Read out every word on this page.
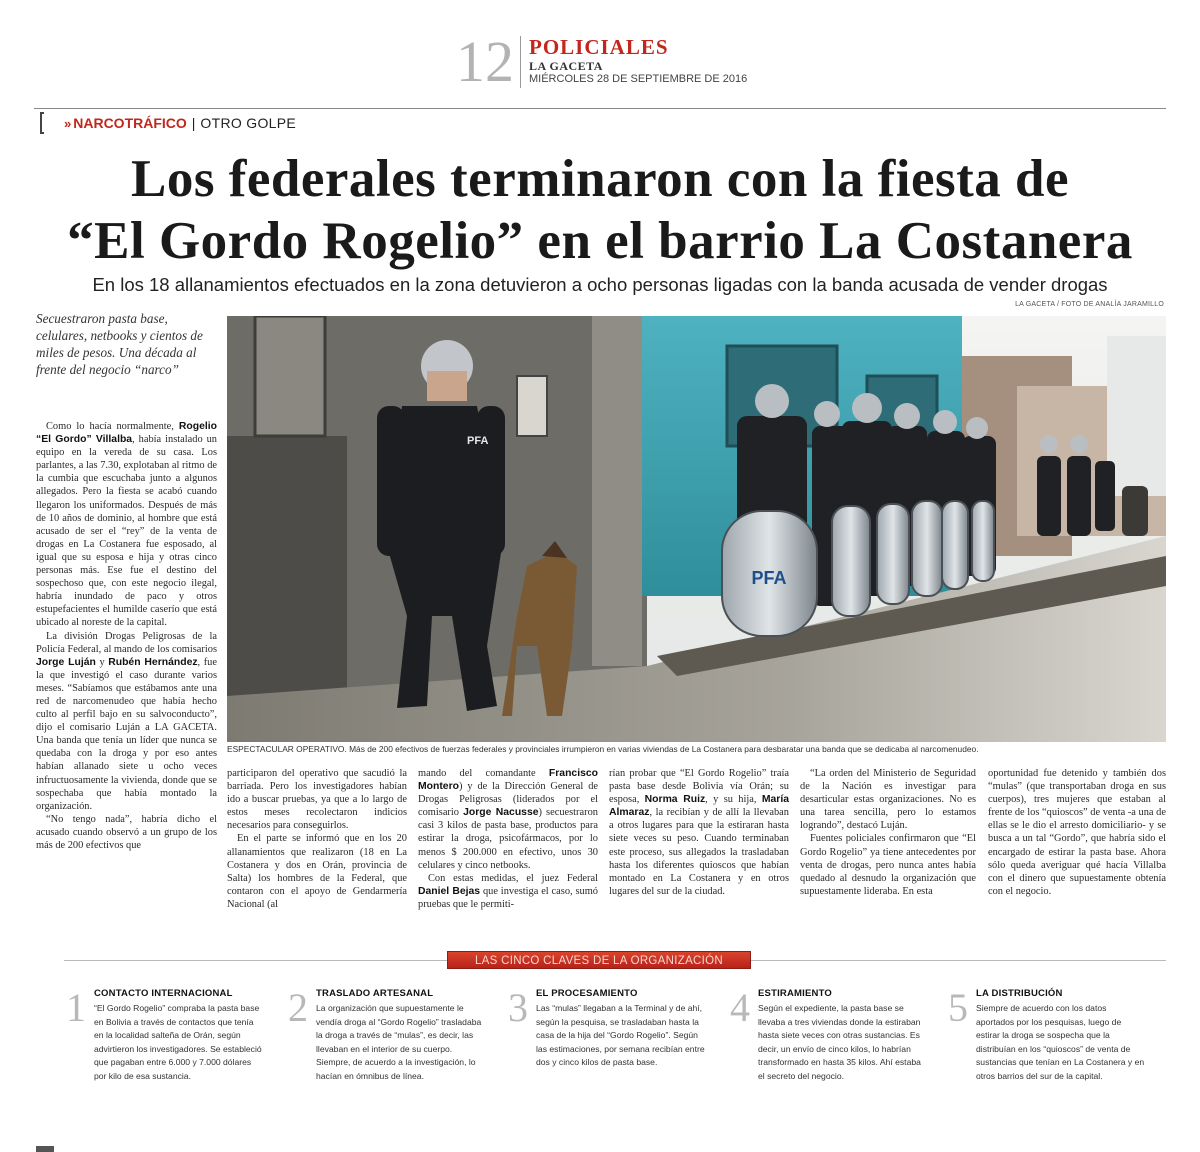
12 POLICIALES
LA GACETA
MIÉRCOLES 28 DE SEPTIEMBRE DE 2016
» NARCOTRÁFICO | OTRO GOLPE
Los federales terminaron con la fiesta de
“El Gordo Rogelio” en el barrio La Costanera
En los 18 allanamientos efectuados en la zona detuvieron a ocho personas ligadas con la banda acusada de vender drogas
LA GACETA / FOTO DE ANALÍA JARAMILLO
Secuestraron pasta base, celulares, netbooks y cientos de miles de pesos. Una década al frente del negocio “narco”
PFA
PFA
ESPECTACULAR OPERATIVO. Más de 200 efectivos de fuerzas federales y provinciales irrumpieron en varias viviendas de La Costanera para desbaratar una banda que se dedicaba al narcomenudeo.

Como lo hacía normalmente, Rogelio “El Gordo” Villalba, había instalado un equipo en la vereda de su casa. Los parlantes, a las 7.30, explotaban al ritmo de la cumbia que escuchaba junto a algunos allegados. Pero la fiesta se acabó cuando llegaron los uniformados. Después de más de 10 años de dominio, al hombre que está acusado de ser el “rey” de la venta de drogas en La Costanera fue esposado, al igual que su esposa e hija y otras cinco personas más. Ese fue el destino del sospechoso que, con este negocio ilegal, habría inundado de paco y otros estupefacientes el humilde caserío que está ubicado al noreste de la capital.

La división Drogas Peligrosas de la Policía Federal, al mando de los comisarios Jorge Luján y Rubén Hernández, fue la que investigó el caso durante varios meses. “Sabíamos que estábamos ante una red de narcomenudeo que había hecho culto al perfil bajo en su salvoconducto”, dijo el comisario Luján a LA GACETA. Una banda que tenía un líder que nunca se quedaba con la droga y por eso antes habían allanado siete u ocho veces infructuosamente la vivienda, donde que se sospechaba que había montado la organización.

“No tengo nada”, habría dicho el acusado cuando observó a un grupo de los más de 200 efectivos que

participaron del operativo que sacudió la barriada. Pero los investigadores habían ido a buscar pruebas, ya que a lo largo de estos meses recolectaron indicios necesarios para conseguirlos.

En el parte se informó que en los 20 allanamientos que realizaron (18 en La Costanera y dos en Orán, provincia de Salta) los hombres de la Federal, que contaron con el apoyo de Gendarmería Nacional (al

mando del comandante Francisco Montero) y de la Dirección General de Drogas Peligrosas (liderados por el comisario Jorge Nacusse) secuestraron casi 3 kilos de pasta base, productos para estirar la droga, psicofármacos, por lo menos $ 200.000 en efectivo, unos 30 celulares y cinco netbooks.

Con estas medidas, el juez Federal Daniel Bejas que investiga el caso, sumó pruebas que le permiti-

rían probar que “El Gordo Rogelio” traía pasta base desde Bolivia vía Orán; su esposa, Norma Ruiz, y su hija, María Almaraz, la recibían y de allí la llevaban a otros lugares para que la estiraran hasta siete veces su peso. Cuando terminaban este proceso, sus allegados la trasladaban hasta los diferentes quioscos que habían montado en La Costanera y en otros lugares del sur de la ciudad.

“La orden del Ministerio de Seguridad de la Nación es investigar para desarticular estas organizaciones. No es una tarea sencilla, pero lo estamos logrando”, destacó Luján.

Fuentes policiales confirmaron que “El Gordo Rogelio” ya tiene antecedentes por venta de drogas, pero nunca antes había quedado al desnudo la organización que supuestamente lideraba. En esta

oportunidad fue detenido y también dos “mulas” (que transportaban droga en sus cuerpos), tres mujeres que estaban al frente de los “quioscos” de venta -a una de ellas se le dio el arresto domiciliario- y se busca a un tal “Gordo”, que habría sido el encargado de estirar la pasta base. Ahora sólo queda averiguar qué hacía Villalba con el dinero que supuestamente obtenía con el negocio.

LAS CINCO CLAVES DE LA ORGANIZACIÓN
1 CONTACTO INTERNACIONAL
“El Gordo Rogelio” compraba la pasta base en Bolivia a través de contactos que tenía en la localidad salteña de Orán, según advirtieron los investigadores. Se estableció que pagaban entre 6.000 y 7.000 dólares por kilo de esa sustancia.
2 TRASLADO ARTESANAL
La organización que supuestamente le vendía droga al “Gordo Rogelio” trasladaba la droga a través de “mulas”, es decir, las llevaban en el interior de su cuerpo. Siempre, de acuerdo a la investigación, lo hacían en ómnibus de línea.
3 EL PROCESAMIENTO
Las “mulas” llegaban a la Terminal y de ahí, según la pesquisa, se trasladaban hasta la casa de la hija del “Gordo Rogelio”. Según las estimaciones, por semana recibían entre dos y cinco kilos de pasta base.
4 ESTIRAMIENTO
Según el expediente, la pasta base se llevaba a tres viviendas donde la estiraban hasta siete veces con otras sustancias. Es decir, un envío de cinco kilos, lo habrían transformado en hasta 35 kilos. Ahí estaba el secreto del negocio.
5 LA DISTRIBUCIÓN
Siempre de acuerdo con los datos aportados por los pesquisas, luego de estirar la droga se sospecha que la distribuían en los “quioscos” de venta de sustancias que tenían en La Costanera y en otros barrios del sur de la capital.
